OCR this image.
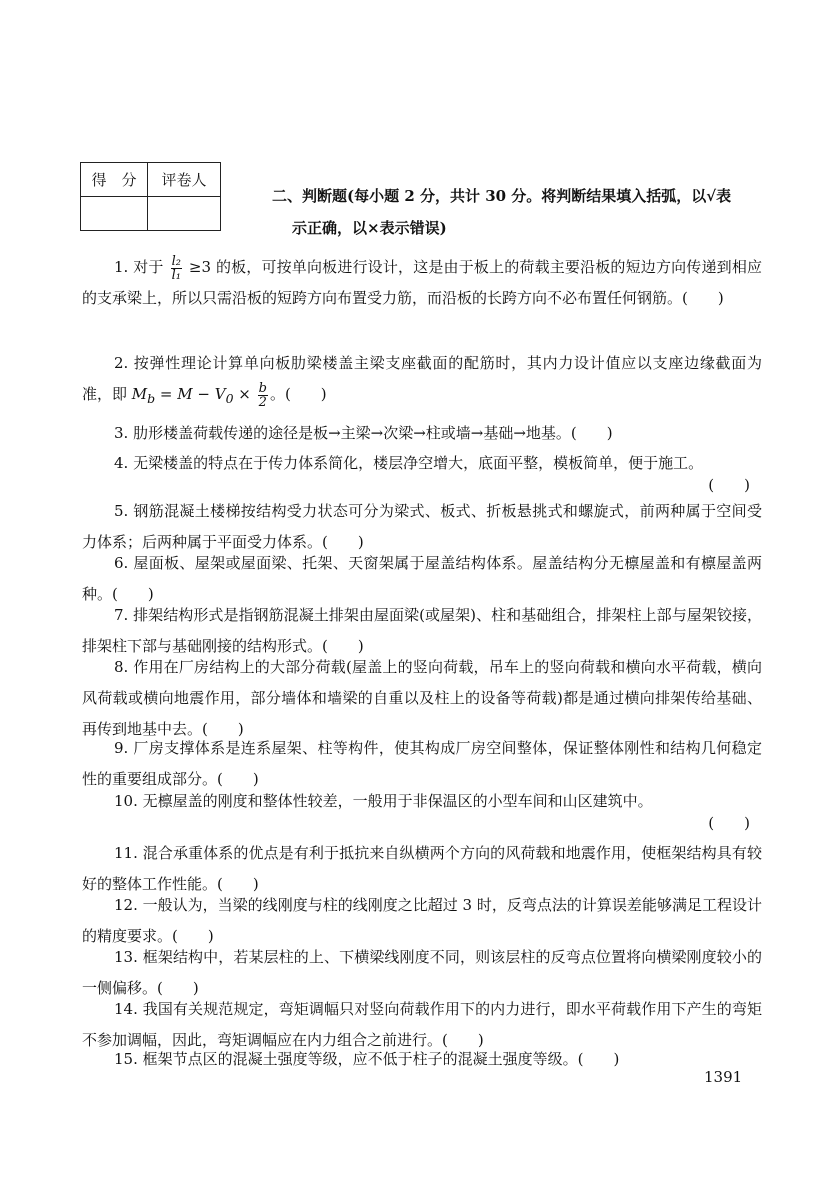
得　分	评卷人

二、判断题(每小题 2 分，共计 30 分。将判断结果填入括弧，以√表
示正确，以×表示错误)

1. 对于 $\frac{\text{l₂}}{\text{l₁}} \ge 3$ 的板，可按单向板进行设计，这是由于板上的荷载主要沿板的短边方向传递到相应的支承梁上，所以只需沿板的短跨方向布置受力筋，而沿板的长跨方向不必布置任何钢筋。(　　)

2. 按弹性理论计算单向板肋梁楼盖主梁支座截面的配筋时，其内力设计值应以支座边缘截面为准，即 $M_b = M - V_0 \times \frac{b}{2}$ 。(　　)

3. 肋形楼盖荷载传递的途径是板→主梁→次梁→柱或墙→基础→地基。(　　)

4. 无梁楼盖的特点在于传力体系简化，楼层净空增大，底面平整，模板简单，便于施工。

(　　)

5. 钢筋混凝土楼梯按结构受力状态可分为梁式、板式、折板悬挑式和螺旋式，前两种属于空间受力体系；后两种属于平面受力体系。(　　)

6. 屋面板、屋架或屋面梁、托架、天窗架属于屋盖结构体系。屋盖结构分无檩屋盖和有檩屋盖两种。(　　)

7. 排架结构形式是指钢筋混凝土排架由屋面梁(或屋架)、柱和基础组合，排架柱上部与屋架铰接，排架柱下部与基础刚接的结构形式。(　　)

8. 作用在厂房结构上的大部分荷载(屋盖上的竖向荷载，吊车上的竖向荷载和横向水平荷载，横向风荷载或横向地震作用，部分墙体和墙梁的自重以及柱上的设备等荷载)都是通过横向排架传给基础、再传到地基中去。(　　)

9. 厂房支撑体系是连系屋架、柱等构件，使其构成厂房空间整体，保证整体刚性和结构几何稳定性的重要组成部分。(　　)

10. 无檩屋盖的刚度和整体性较差，一般用于非保温区的小型车间和山区建筑中。

(　　)

11. 混合承重体系的优点是有利于抵抗来自纵横两个方向的风荷载和地震作用，使框架结构具有较好的整体工作性能。(　　)

12. 一般认为，当梁的线刚度与柱的线刚度之比超过 3 时，反弯点法的计算误差能够满足工程设计的精度要求。(　　)

13. 框架结构中，若某层柱的上、下横梁线刚度不同，则该层柱的反弯点位置将向横梁刚度较小的一侧偏移。(　　)

14. 我国有关规范规定，弯矩调幅只对竖向荷载作用下的内力进行，即水平荷载作用下产生的弯矩不参加调幅，因此，弯矩调幅应在内力组合之前进行。(　　)

15. 框架节点区的混凝土强度等级，应不低于柱子的混凝土强度等级。(　　)

1391
